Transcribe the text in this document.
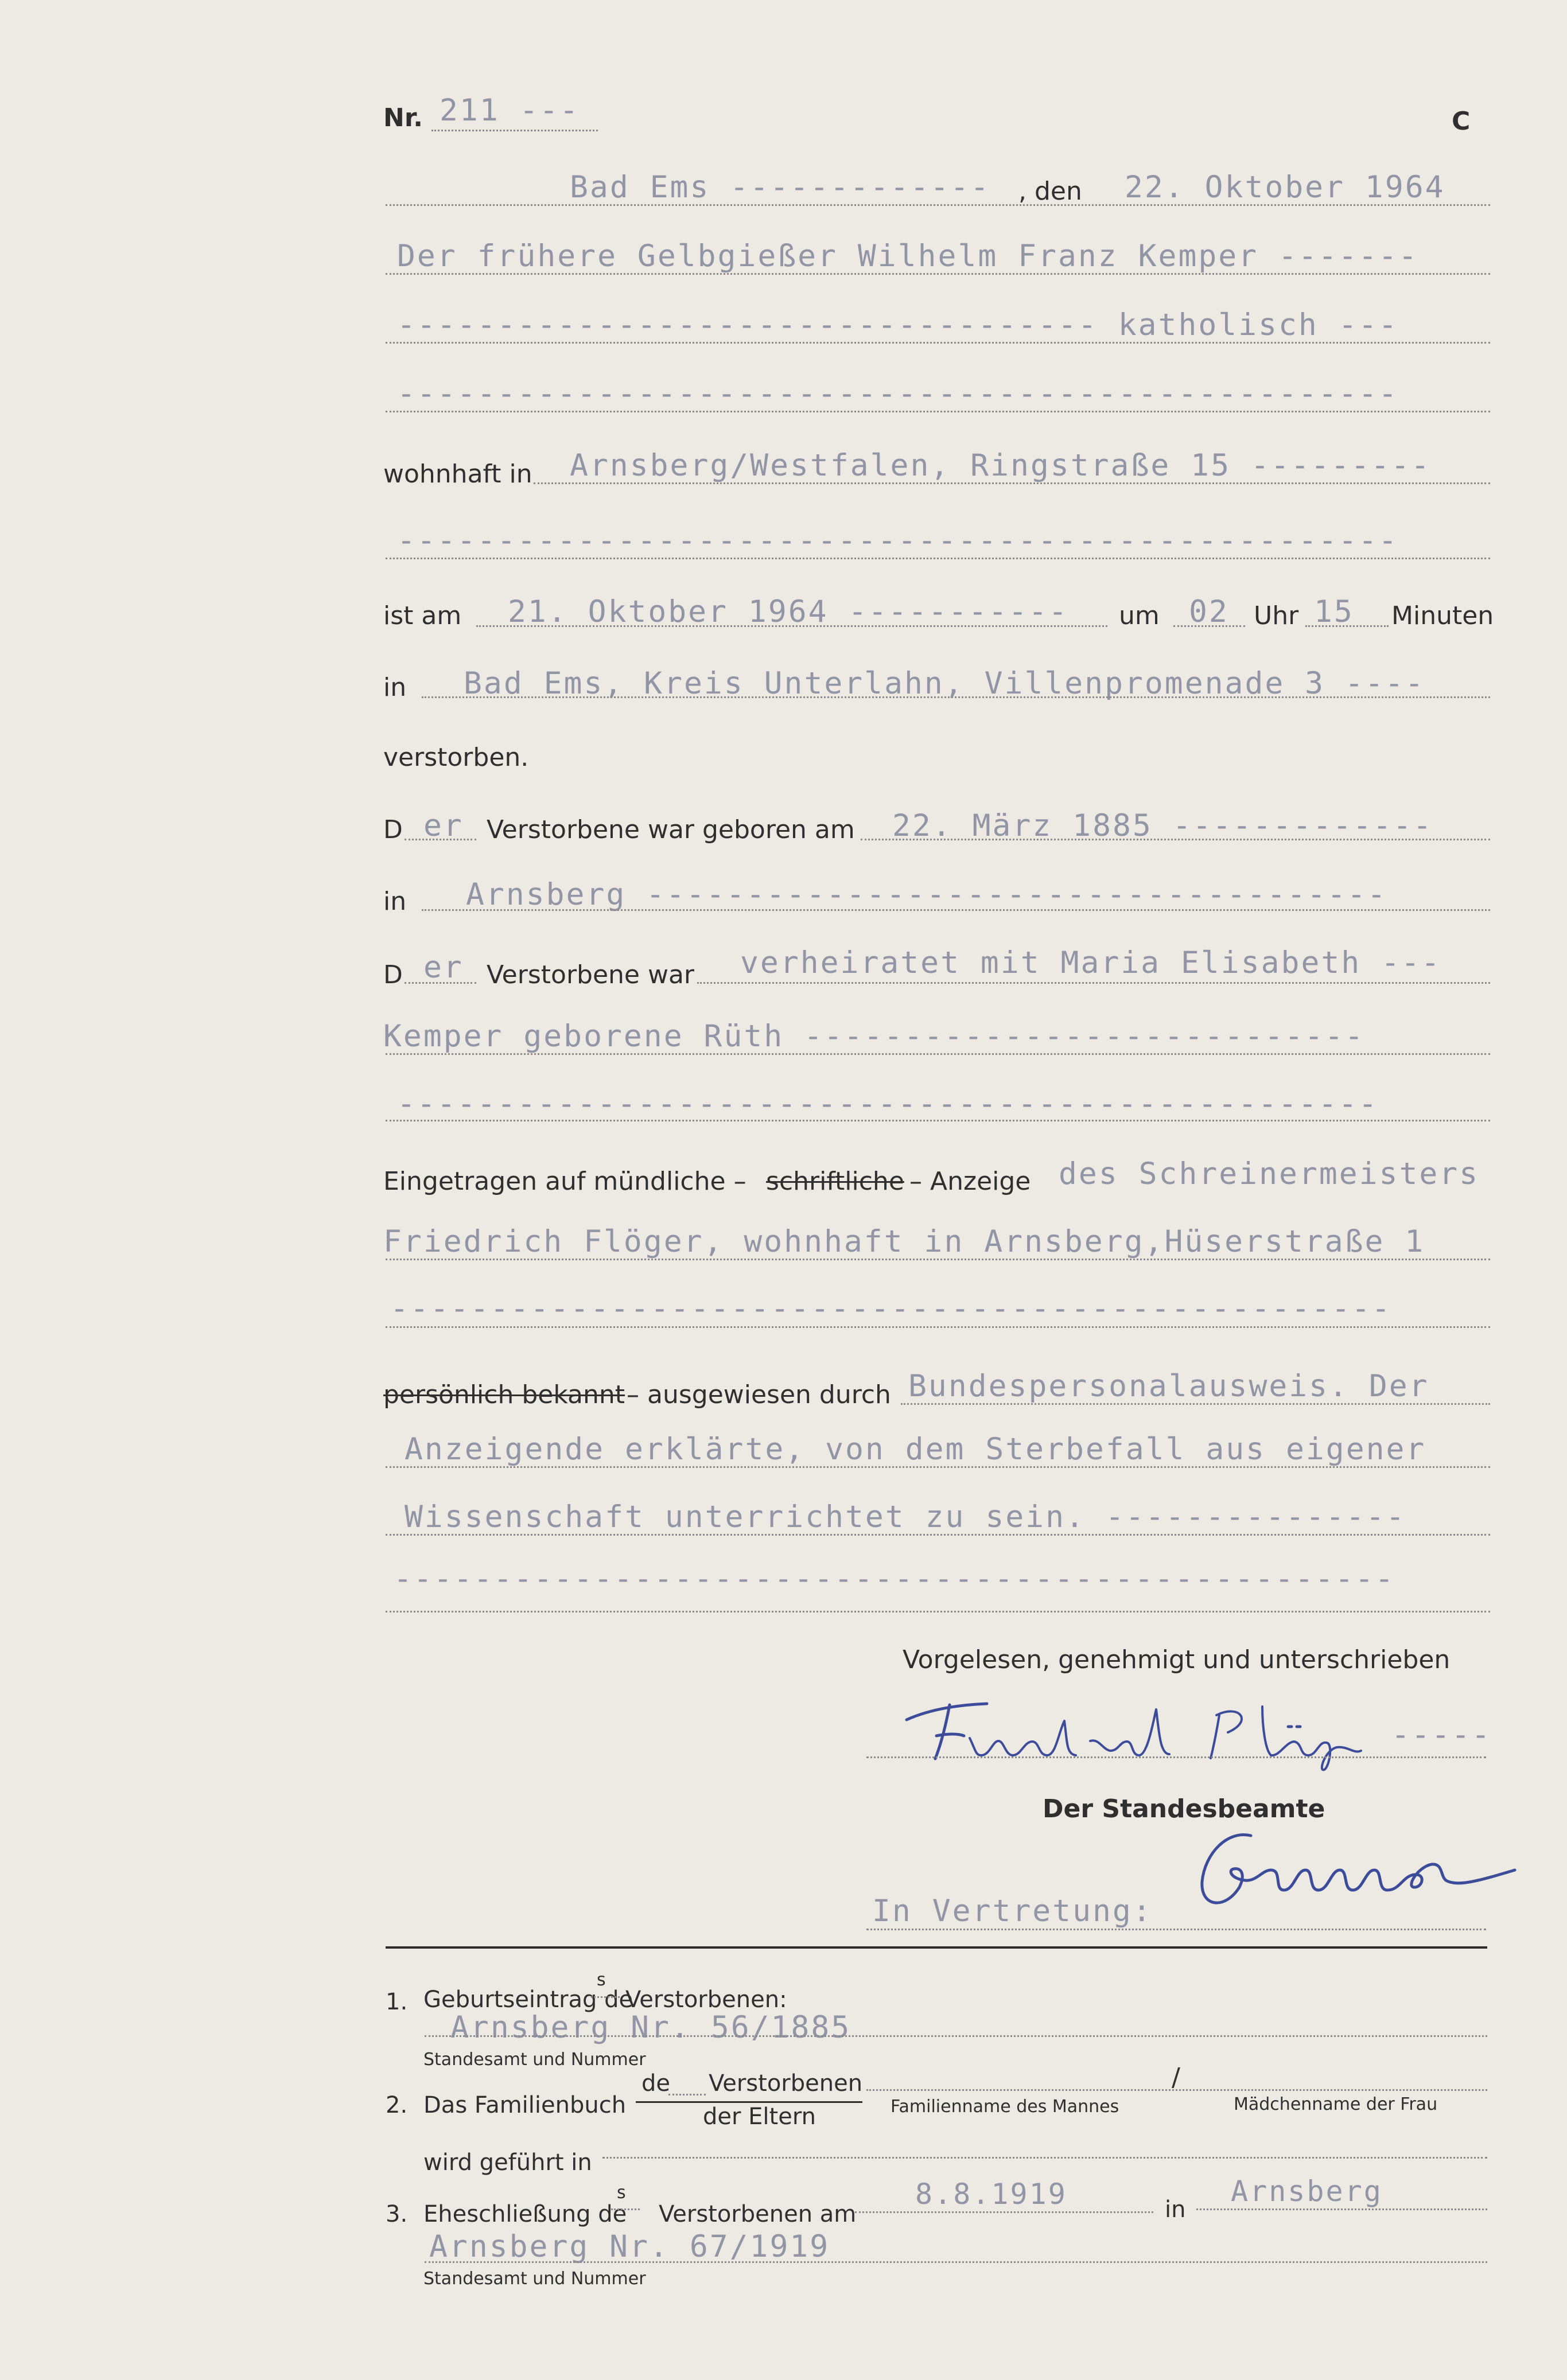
Nr. 211 ---	C
Bad Ems ------------- , den 22. Oktober 1964
Der frühere Gelbgießer Wilhelm Franz Kemper -------
----------------------------------- katholisch ---
--------------------------------------------------
wohnhaft in Arnsberg/Westfalen, Ringstraße 15 ---------
--------------------------------------------------
ist am 21. Oktober 1964 ----------- um 02 Uhr 15 Minuten
in Bad Ems, Kreis Unterlahn, Villenpromenade 3 ----
verstorben.
D er Verstorbene war geboren am 22. März 1885 -------------
in Arnsberg -------------------------------------
D er Verstorbene war verheiratet mit Maria Elisabeth ---
Kemper geborene Rüth ----------------------------
-------------------------------------------------
Eingetragen auf mündliche – schriftliche – Anzeige des Schreinermeisters
Friedrich Flöger, wohnhaft in Arnsberg,Hüserstraße 1
--------------------------------------------------
persönlich bekannt – ausgewiesen durch Bundespersonalausweis. Der
Anzeigende erklärte, von dem Sterbefall aus eigener
Wissenschaft unterrichtet zu sein. ---------------
--------------------------------------------------
Vorgelesen, genehmigt und unterschrieben
-----
Der Standesbeamte
In Vertretung:
1. Geburtseintrag de
s
Verstorbenen:
Arnsberg Nr. 56/1885
Standesamt und Nummer
2. Das Familienbuch
de Verstorbenen
der Eltern	Familienname des Mannes
/
Mädchenname der Frau
wird geführt in
3. Eheschließung de
s
Verstorbenen am
8.8.1919	in
Arnsberg
Arnsberg Nr. 67/1919
Standesamt und Nummer
